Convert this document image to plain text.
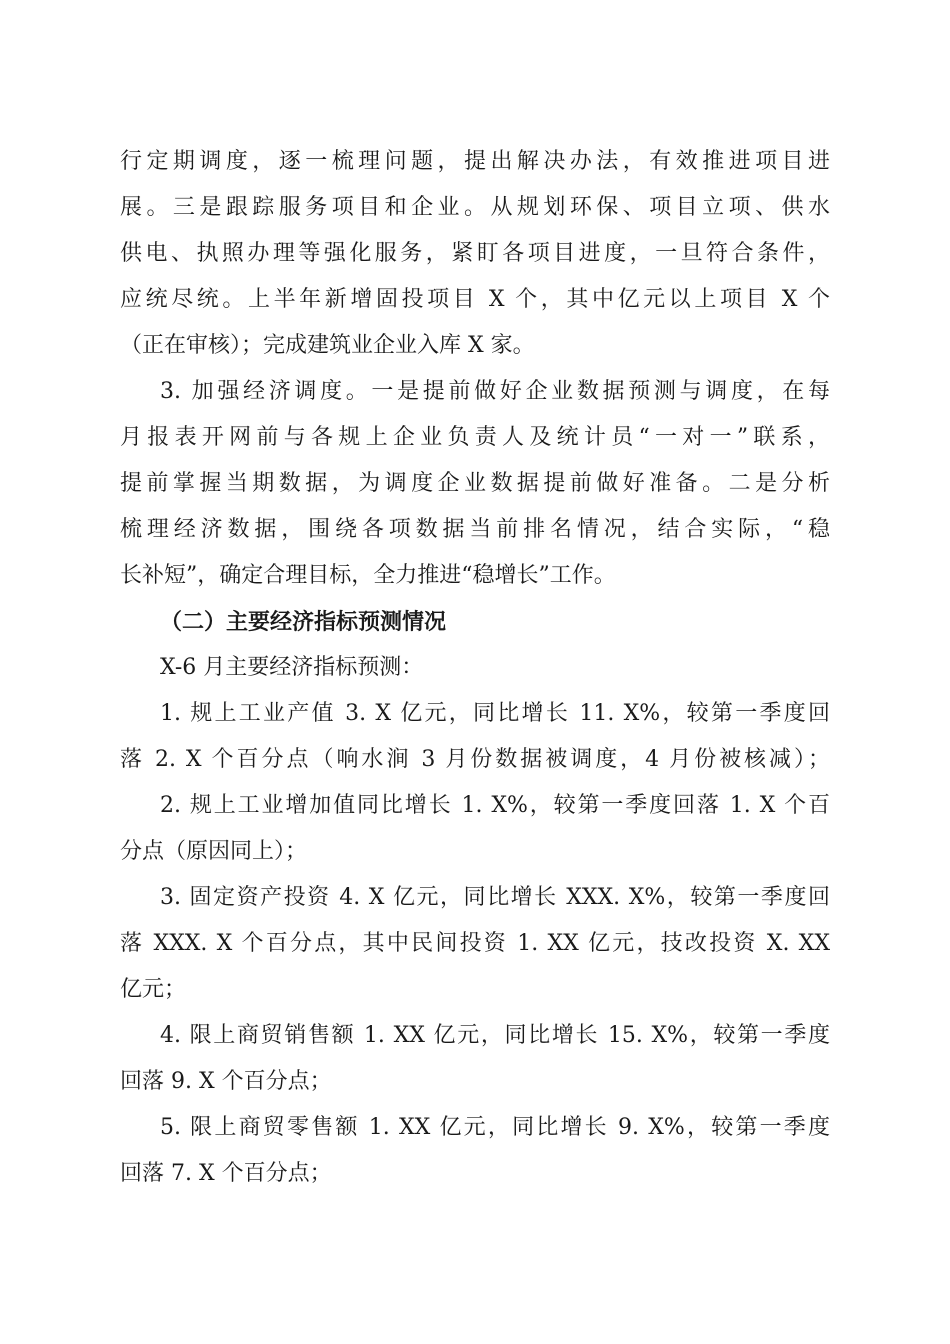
行定期调度，逐一梳理问题，提出解决办法，有效推进项目进
展。三是跟踪服务项目和企业。从规划环保、项目立项、供水
供电、执照办理等强化服务，紧盯各项目进度，一旦符合条件，
应统尽统。上半年新增固投项目 X 个，其中亿元以上项目 X 个
（正在审核）；完成建筑业企业入库 X 家。
3. 加强经济调度。一是提前做好企业数据预测与调度，在每
月报表开网前与各规上企业负责人及统计员“一对一”联系，
提前掌握当期数据，为调度企业数据提前做好准备。二是分析
梳理经济数据，围绕各项数据当前排名情况，结合实际，“稳
长补短”，确定合理目标，全力推进“稳增长”工作。
（二）主要经济指标预测情况
X-6 月主要经济指标预测：
1. 规上工业产值 3. X 亿元，同比增长 11. X%，较第一季度回
落 2. X 个百分点（响水涧 3 月份数据被调度，4 月份被核减）；
2. 规上工业增加值同比增长 1. X%，较第一季度回落 1. X 个百
分点（原因同上）；
3. 固定资产投资 4. X 亿元，同比增长 XXX. X%，较第一季度回
落 XXX. X 个百分点，其中民间投资 1. XX 亿元，技改投资 X. XX
亿元；
4. 限上商贸销售额 1. XX 亿元，同比增长 15. X%，较第一季度
回落 9. X 个百分点；
5. 限上商贸零售额 1. XX 亿元，同比增长 9. X%，较第一季度
回落 7. X 个百分点；
